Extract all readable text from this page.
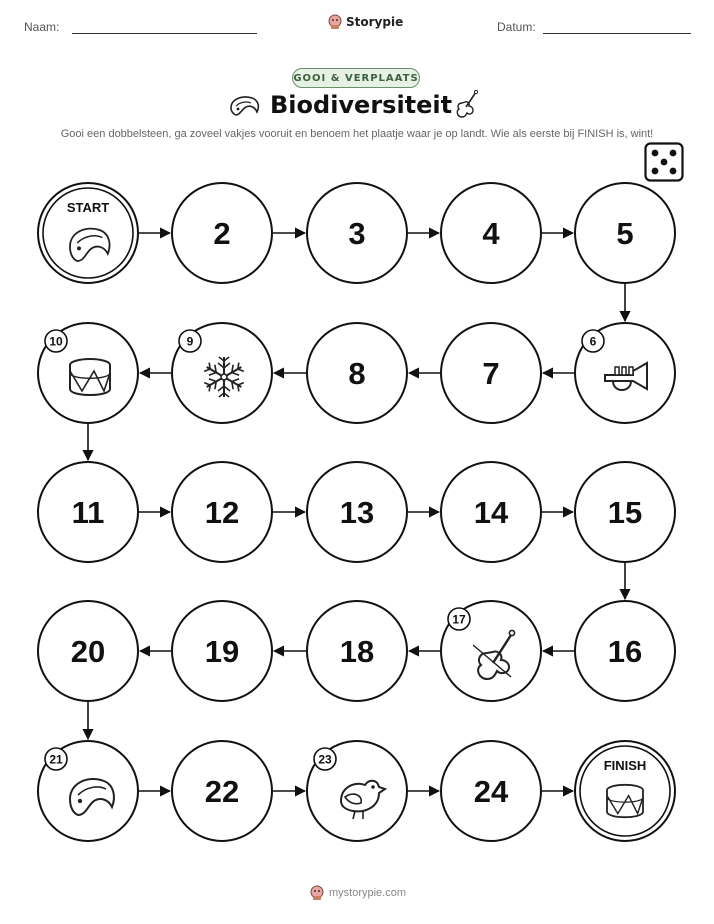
Naam:	Storypie	Datum:
GOOI & VERPLAATS
Biodiversiteit
Gooi een dobbelsteen, ga zoveel vakjes vooruit en benoem het plaatje waar je op landt. Wie als eerste bij FINISH is, wint!
START
2	3	4	5
6
7
8
9
10
11	12	13	14	15
16
17
18
19
20
21
22
23
24
FINISH
mystorypie.com
